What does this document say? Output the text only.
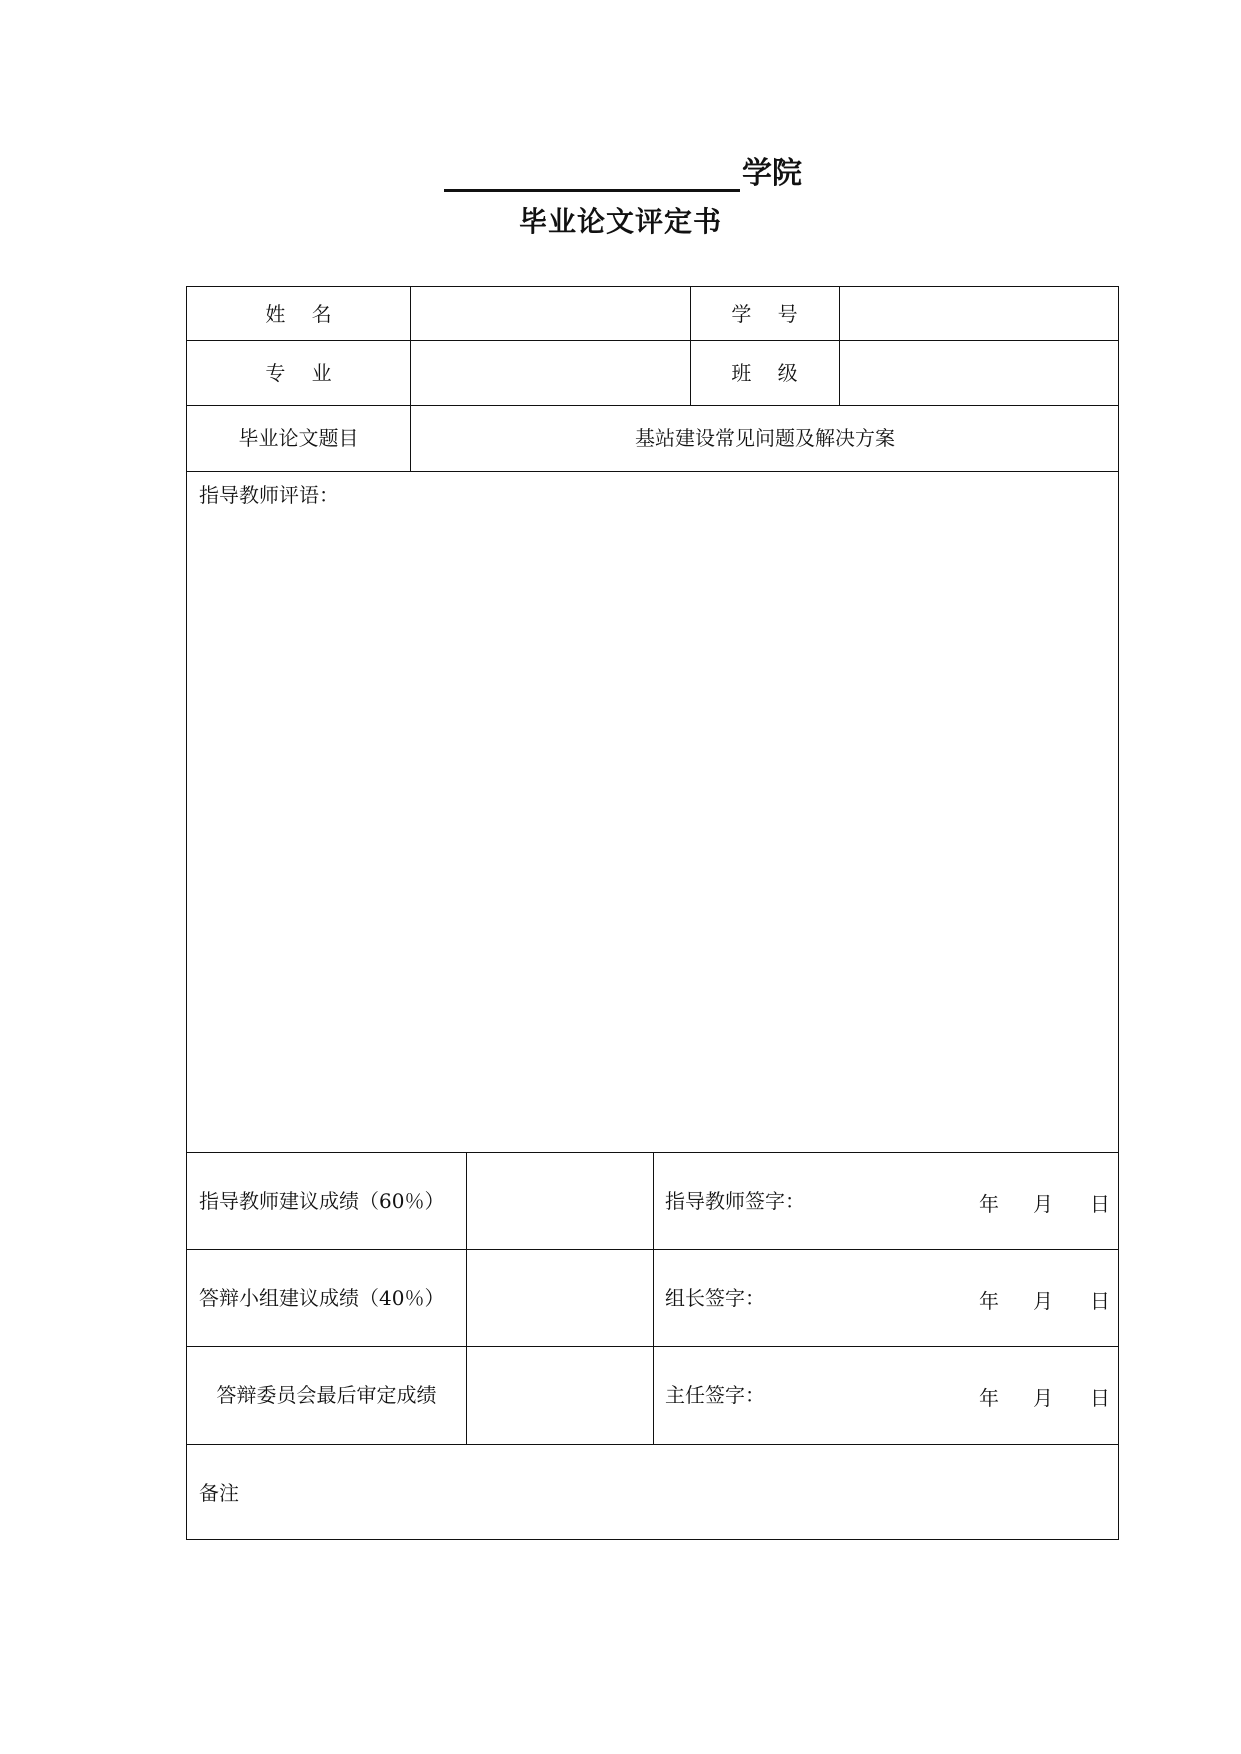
学院
毕业论文评定书
姓 名	学 号
专 业	班 级
毕业论文题目	基站建设常见问题及解决方案
指导教师评语：
指导教师建议成绩（60％）	指导教师签字：	年 月 日
答辩小组建议成绩（40％）	组长签字：	年 月 日
答辩委员会最后审定成绩	主任签字：	年 月 日
备注
